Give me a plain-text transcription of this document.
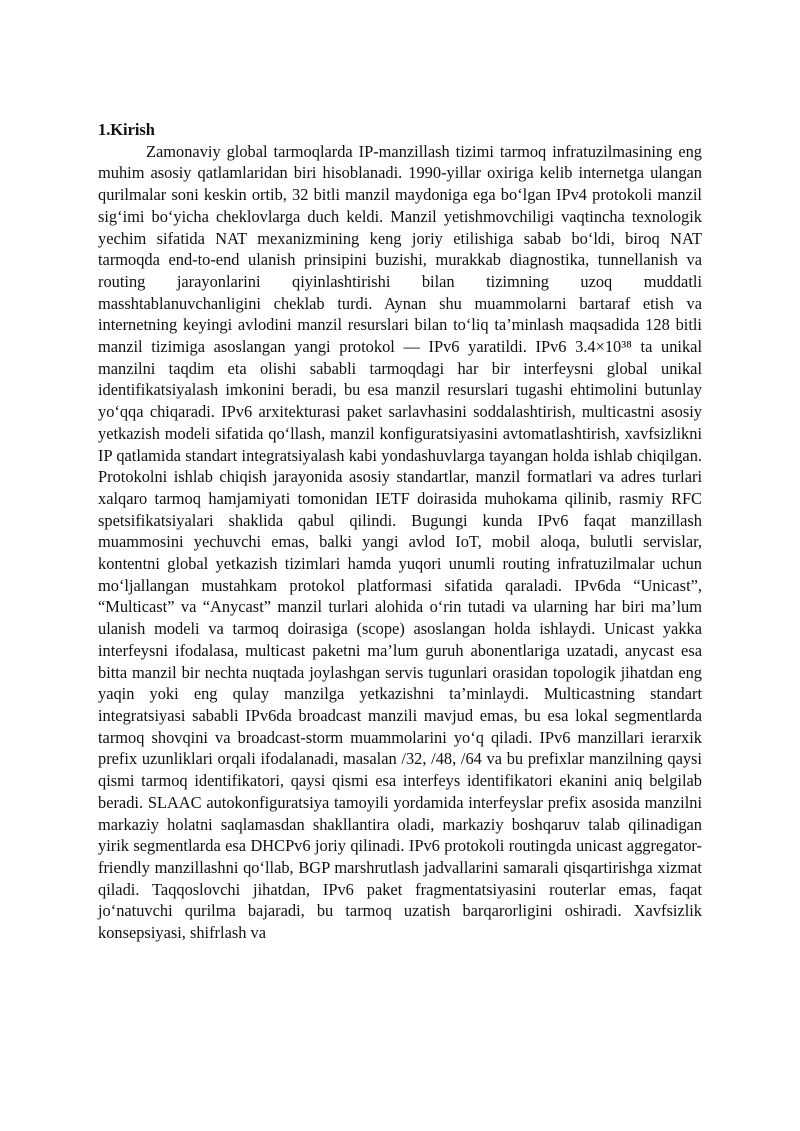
1.Kirish

Zamonaviy global tarmoqlarda IP-manzillash tizimi tarmoq infratuzilmasining eng muhim asosiy qatlamlaridan biri hisoblanadi. 1990-yillar oxiriga kelib internetga ulangan qurilmalar soni keskin ortib, 32 bitli manzil maydoniga ega bo‘lgan IPv4 protokoli manzil sig‘imi bo‘yicha cheklovlarga duch keldi. Manzil yetishmovchiligi vaqtincha texnologik yechim sifatida NAT mexanizmining keng joriy etilishiga sabab bo‘ldi, biroq NAT tarmoqda end-to-end ulanish prinsipini buzishi, murakkab diagnostika, tunnellanish va routing jarayonlarini qiyinlashtirishi bilan tizimning uzoq muddatli masshtablanuvchanligini cheklab turdi. Aynan shu muammolarni bartaraf etish va internetning keyingi avlodini manzil resurslari bilan to‘liq ta’minlash maqsadida 128 bitli manzil tizimiga asoslangan yangi protokol — IPv6 yaratildi. IPv6 3.4×10³⁸ ta unikal manzilni taqdim eta olishi sababli tarmoqdagi har bir interfeysni global unikal identifikatsiyalash imkonini beradi, bu esa manzil resurslari tugashi ehtimolini butunlay yo‘qqa chiqaradi. IPv6 arxitekturasi paket sarlavhasini soddalashtirish, multicastni asosiy yetkazish modeli sifatida qo‘llash, manzil konfiguratsiyasini avtomatlashtirish, xavfsizlikni IP qatlamida standart integratsiyalash kabi yondashuvlarga tayangan holda ishlab chiqilgan. Protokolni ishlab chiqish jarayonida asosiy standartlar, manzil formatlari va adres turlari xalqaro tarmoq hamjamiyati tomonidan IETF doirasida muhokama qilinib, rasmiy RFC spetsifikatsiyalari shaklida qabul qilindi. Bugungi kunda IPv6 faqat manzillash muammosini yechuvchi emas, balki yangi avlod IoT, mobil aloqa, bulutli servislar, kontentni global yetkazish tizimlari hamda yuqori unumli routing infratuzilmalar uchun mo‘ljallangan mustahkam protokol platformasi sifatida qaraladi. IPv6da “Unicast”, “Multicast” va “Anycast” manzil turlari alohida o‘rin tutadi va ularning har biri ma’lum ulanish modeli va tarmoq doirasiga (scope) asoslangan holda ishlaydi. Unicast yakka interfeysni ifodalasa, multicast paketni ma’lum guruh abonentlariga uzatadi, anycast esa bitta manzil bir nechta nuqtada joylashgan servis tugunlari orasidan topologik jihatdan eng yaqin yoki eng qulay manzilga yetkazishni ta’minlaydi. Multicastning standart integratsiyasi sababli IPv6da broadcast manzili mavjud emas, bu esa lokal segmentlarda tarmoq shovqini va broadcast-storm muammolarini yo‘q qiladi. IPv6 manzillari ierarxik prefix uzunliklari orqali ifodalanadi, masalan /32, /48, /64 va bu prefixlar manzilning qaysi qismi tarmoq identifikatori, qaysi qismi esa interfeys identifikatori ekanini aniq belgilab beradi. SLAAC autokonfiguratsiya tamoyili yordamida interfeyslar prefix asosida manzilni markaziy holatni saqlamasdan shakllantira oladi, markaziy boshqaruv talab qilinadigan yirik segmentlarda esa DHCPv6 joriy qilinadi. IPv6 protokoli routingda unicast aggregator-friendly manzillashni qo‘llab, BGP marshrutlash jadvallarini samarali qisqartirishga xizmat qiladi. Taqqoslovchi jihatdan, IPv6 paket fragmentatsiyasini routerlar emas, faqat jo‘natuvchi qurilma bajaradi, bu tarmoq uzatish barqarorligini oshiradi. Xavfsizlik konsepsiyasi, shifrlash va
